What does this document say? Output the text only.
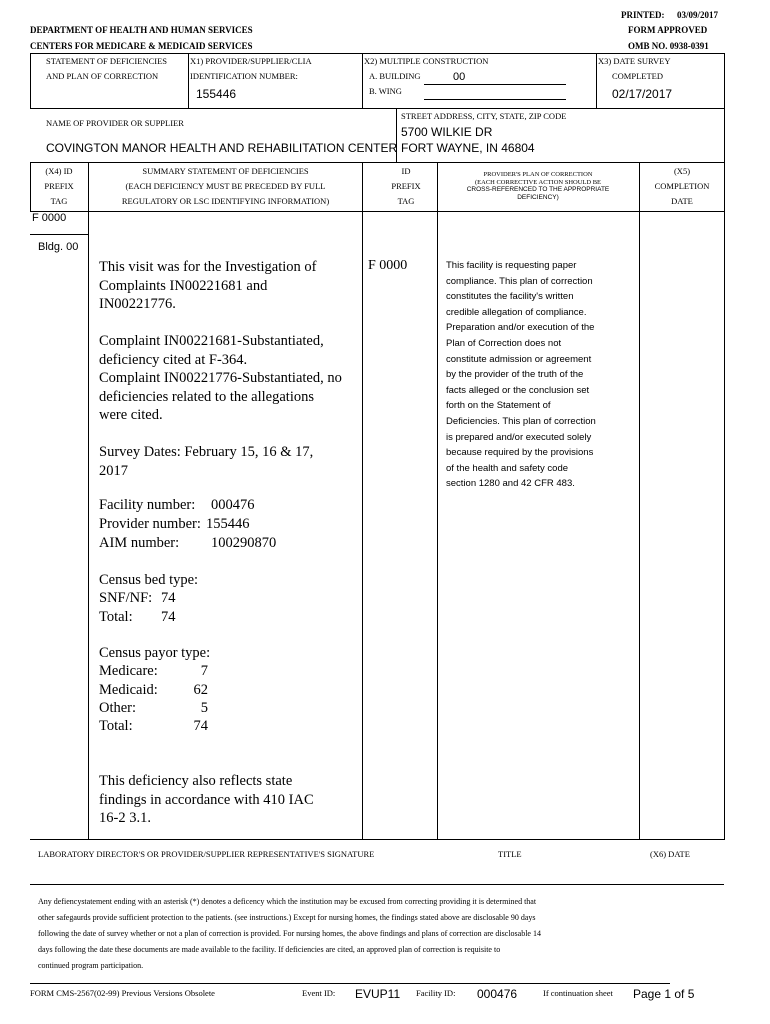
PRINTED: 03/09/2017
DEPARTMENT OF HEALTH AND HUMAN SERVICES	FORM APPROVED
CENTERS FOR MEDICARE & MEDICAID SERVICES	OMB NO. 0938-0391
STATEMENT OF DEFICIENCIES
AND PLAN OF CORRECTION
X1) PROVIDER/SUPPLIER/CLIA
IDENTIFICATION NUMBER:
155446
X2) MULTIPLE CONSTRUCTION
A. BUILDING	00
B. WING
X3) DATE SURVEY
COMPLETED
02/17/2017
NAME OF PROVIDER OR SUPPLIER
COVINGTON MANOR HEALTH AND REHABILITATION CENTER
STREET ADDRESS, CITY, STATE, ZIP CODE
5700 WILKIE DR
FORT WAYNE, IN 46804
(X4) ID
PREFIX
TAG
SUMMARY STATEMENT OF DEFICIENCIES
(EACH DEFICIENCY MUST BE PRECEDED BY FULL
REGULATORY OR LSC IDENTIFYING INFORMATION)
ID
PREFIX
TAG
PROVIDER'S PLAN OF CORRECTION
(EACH CORRECTIVE ACTION SHOULD BE
CROSS-REFERENCED TO THE APPROPRIATE
DEFICIENCY)
(X5)
COMPLETION
DATE
F 0000
Bldg. 00
This visit was for the Investigation of
Complaints IN00221681 and
IN00221776.

Complaint IN00221681-Substantiated,
deficiency cited at F-364.
Complaint IN00221776-Substantiated, no
deficiencies related to the allegations
were cited.

Survey Dates: February 15, 16 & 17,
2017
Facility number: 000476
Provider number: 155446
AIM number: 100290870
Census bed type:
SNF/NF: 74
Total: 74
Census payor type:
Medicare:	7
Medicaid:	62
Other:	5
Total:	74
This deficiency also reflects state
findings in accordance with 410 IAC
16-2 3.1.
F 0000	This facility is requesting paper
compliance. This plan of correction
constitutes the facility's written
credible allegation of compliance.
Preparation and/or execution of the
Plan of Correction does not
constitute admission or agreement
by the provider of the truth of the
facts alleged or the conclusion set
forth on the Statement of
Deficiencies. This plan of correction
is prepared and/or executed solely
because required by the provisions
of the health and safety code
section 1280 and 42 CFR 483.
LABORATORY DIRECTOR'S OR PROVIDER/SUPPLIER REPRESENTATIVE'S SIGNATURE	TITLE	(X6) DATE
Any defiencystatement ending with an asterisk (*) denotes a deficency which the institution may be excused from correcting providing it is determined that
other safegaurds provide sufficient protection to the patients. (see instructions.) Except for nursing homes, the findings stated above are disclosable 90 days
following the date of survey whether or not a plan of correction is provided. For nursing homes, the above findings and plans of correction are disclosable 14
days following the date these documents are made available to the facility. If deficiencies are cited, an approved plan of correction is requisite to
continued program participation.
FORM CMS-2567(02-99) Previous Versions Obsolete	Event ID: EVUP11 Facility ID: 000476	If continuation sheet Page 1 of 5
